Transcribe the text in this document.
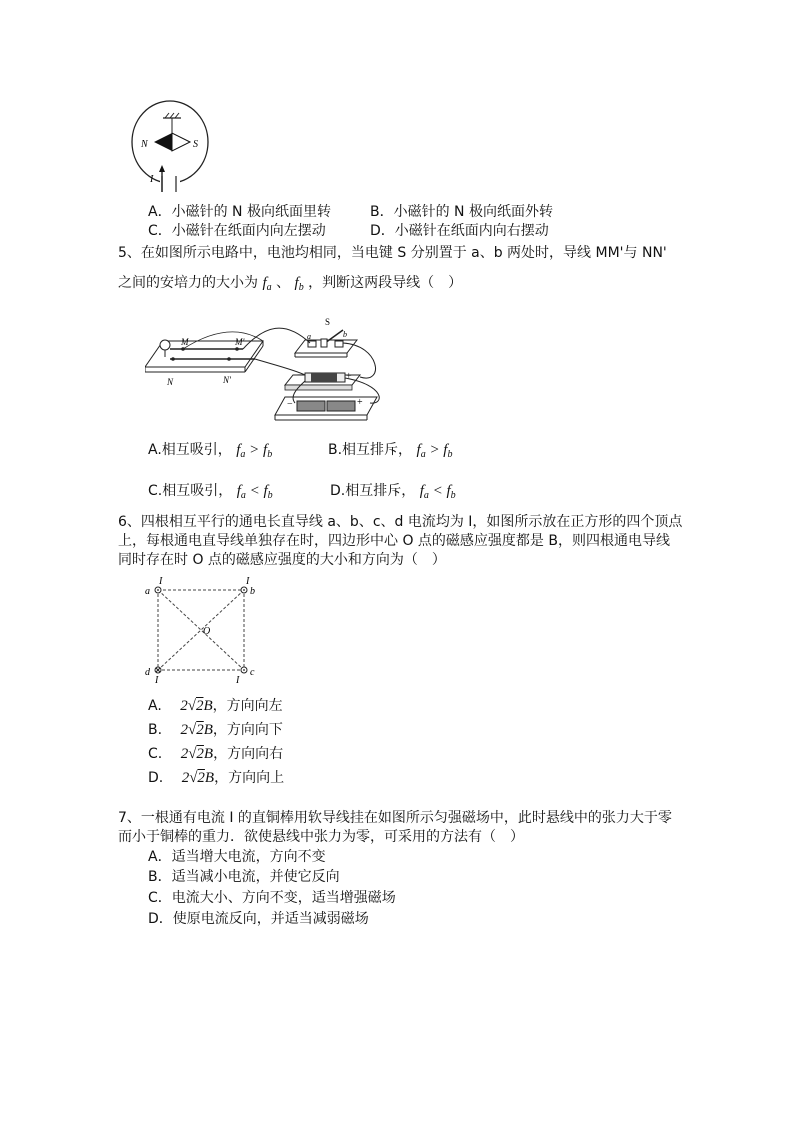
N	S
I
A．小磁针的 N 极向纸面里转	B．小磁针的 N 极向纸面外转
C．小磁针在纸面内向左摆动	D．小磁针在纸面内向右摆动
5、在如图所示电路中，电池均相同，当电键 S 分别置于 a、b 两处时，导线 MM'与 NN'
之间的安培力的大小为 $f_a$ 、 $f_b$ ，判断这两段导线（　）
M	M'
N	N'
S
a	b
−	+
−	+
A.相互吸引， $f_a > f_b$	B.相互排斥， $f_a > f_b$
C.相互吸引， $f_a < f_b$	D.相互排斥， $f_a < f_b$
6、四根相互平行的通电长直导线 a、b、c、d 电流均为 I，如图所示放在正方形的四个顶点
上，每根通电直导线单独存在时，四边形中心 O 点的磁感应强度都是 B，则四根通电导线
同时存在时 O 点的磁感应强度的大小和方向为（　）
a	b
c
d
O
I	I
I	I
A. 2√2B，方向向左
B. 2√2B，方向向下
C. 2√2B，方向向右
D. 2√2B，方向向上
7、一根通有电流 I 的直铜棒用软导线挂在如图所示匀强磁场中，此时悬线中的张力大于零
而小于铜棒的重力．欲使悬线中张力为零，可采用的方法有（　）
A．适当增大电流，方向不变
B．适当减小电流，并使它反向
C．电流大小、方向不变，适当增强磁场
D．使原电流反向，并适当减弱磁场
